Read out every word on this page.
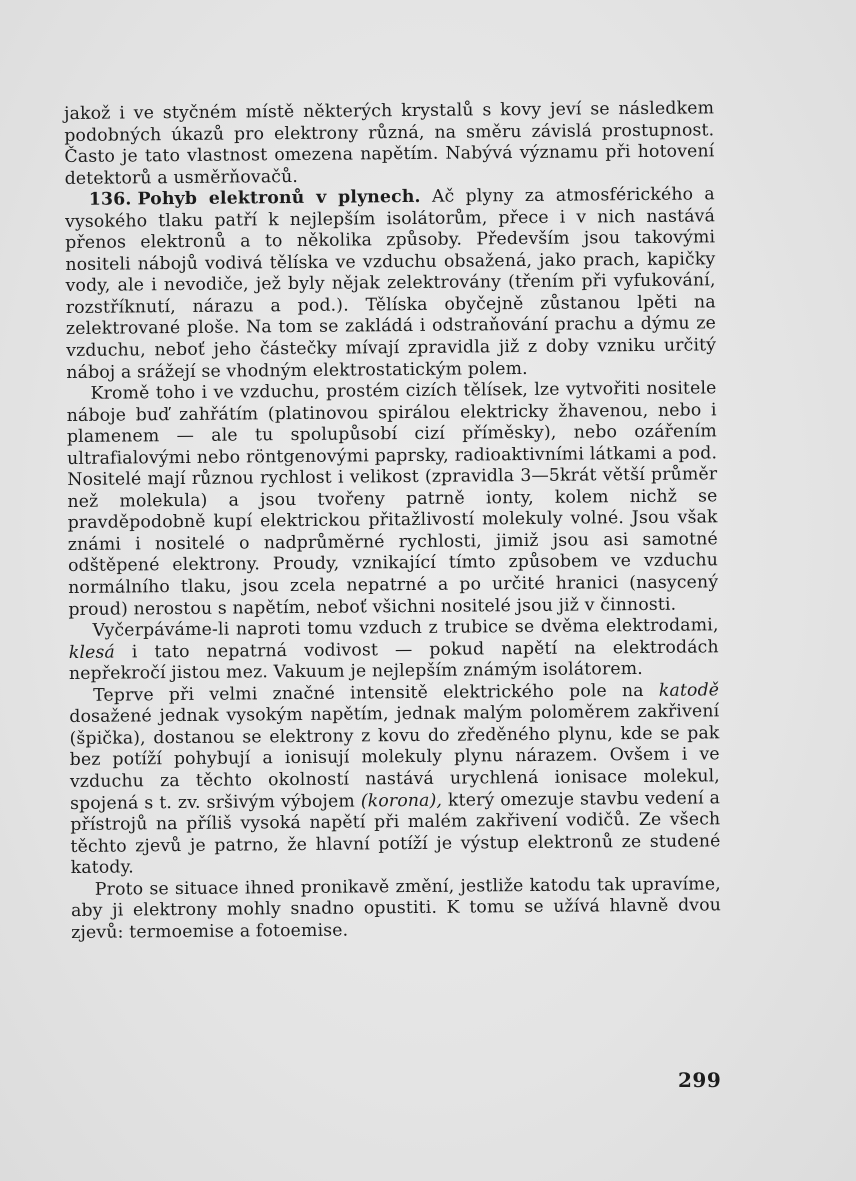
jakož i ve styčném místě některých krystalů s kovy jeví se následkem podobných úkazů pro elektrony různá, na směru závislá prostupnost. Často je tato vlastnost omezena napětím. Nabývá významu při hotovení detektorů a usměrňovačů.

136. Pohyb elektronů v plynech. Ač plyny za atmosférického a vysokého tlaku patří k nejlepším isolátorům, přece i v nich nastává přenos elektronů a to několika způsoby. Především jsou takovými nositeli nábojů vodivá tělíska ve vzduchu obsažená, jako prach, kapičky vody, ale i nevodiče, jež byly nějak zelektrovány (třením při vyfukování, rozstříknutí, nárazu a pod.). Tělíska obyčejně zůstanou lpěti na zelektrované ploše. Na tom se zakládá i odstraňování prachu a dýmu ze vzduchu, neboť jeho částečky mívají zpravidla již z doby vzniku určitý náboj a srážejí se vhodným elektrostatickým polem.

Kromě toho i ve vzduchu, prostém cizích tělísek, lze vytvořiti nositele náboje buď zahřátím (platinovou spirálou elektricky žhavenou, nebo i plamenem — ale tu spolupůsobí cizí příměsky), nebo ozářením ultrafialovými nebo röntgenovými paprsky, radioaktivními látkami a pod. Nositelé mají různou rychlost i velikost (zpravidla 3—5krát větší průměr než molekula) a jsou tvořeny patrně ionty, kolem nichž se pravděpodobně kupí elektrickou přitažlivostí molekuly volné. Jsou však známi i nositelé o nadprůměrné rychlosti, jimiž jsou asi samotné odštěpené elektrony. Proudy, vznikající tímto způsobem ve vzduchu normálního tlaku, jsou zcela nepatrné a po určité hranici (nasycený proud) nerostou s napětím, neboť všichni nositelé jsou již v činnosti.

Vyčerpáváme-li naproti tomu vzduch z trubice se dvěma elektrodami, klesá i tato nepatrná vodivost — pokud napětí na elektrodách nepřekročí jistou mez. Vakuum je nejlepším známým isolátorem.

Teprve při velmi značné intensitě elektrického pole na katodě dosažené jednak vysokým napětím, jednak malým poloměrem zakřivení (špička), dostanou se elektrony z kovu do zředěného plynu, kde se pak bez potíží pohybují a ionisují molekuly plynu nárazem. Ovšem i ve vzduchu za těchto okolností nastává urychlená ionisace molekul, spojená s t. zv. sršivým výbojem (korona), který omezuje stavbu vedení a přístrojů na příliš vysoká napětí při malém zakřivení vodičů. Ze všech těchto zjevů je patrno, že hlavní potíží je výstup elektronů ze studené katody.

Proto se situace ihned pronikavě změní, jestliže katodu tak upravíme, aby ji elektrony mohly snadno opustiti. K tomu se užívá hlavně dvou zjevů: termoemise a fotoemise.

299
